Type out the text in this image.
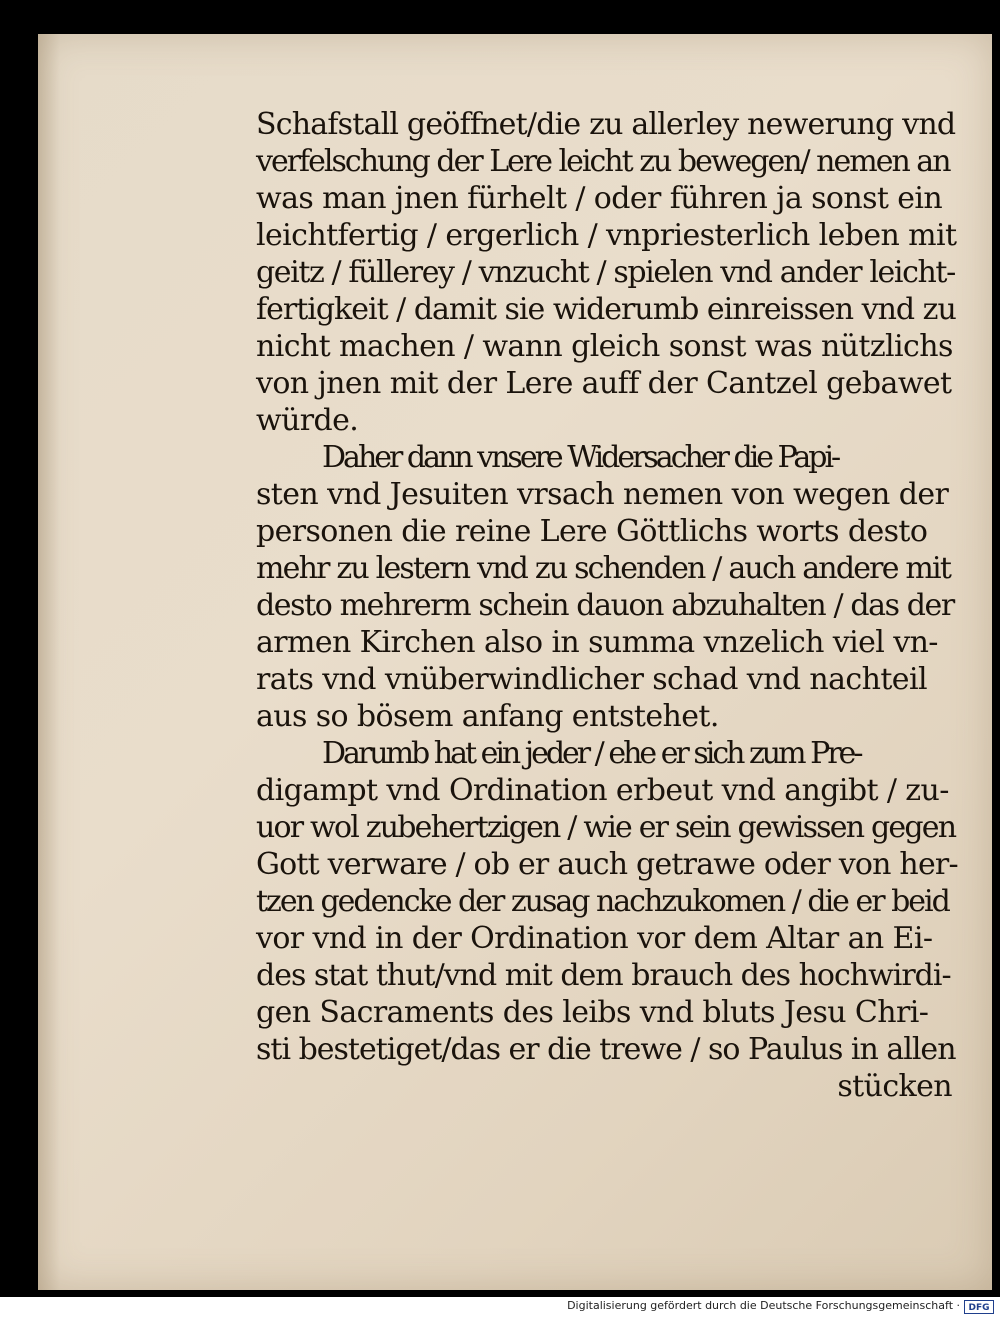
Schafstall geöffnet/die zu allerley newerung vnd
verfelschung der Lere leicht zu bewegen/ nemen an
was man jnen fürhelt / oder führen ja sonst ein
leichtfertig / ergerlich / vnpriesterlich leben mit
geitz / füllerey / vnzucht / spielen vnd ander leicht-
fertigkeit / damit sie widerumb einreissen vnd zu
nicht machen / wann gleich sonst was nützlichs
von jnen mit der Lere auff der Cantzel gebawet
würde.
Daher dann vnsere Widersacher die Papi-
sten vnd Jesuiten vrsach nemen von wegen der
personen die reine Lere Göttlichs worts desto
mehr zu lestern vnd zu schenden / auch andere mit
desto mehrerm schein dauon abzuhalten / das der
armen Kirchen also in summa vnzelich viel vn-
rats vnd vnüberwindlicher schad vnd nachteil
aus so bösem anfang entstehet.
Darumb hat ein jeder / ehe er sich zum Pre-
digampt vnd Ordination erbeut vnd angibt / zu-
uor wol zubehertzigen / wie er sein gewissen gegen
Gott verware / ob er auch getrawe oder von her-
tzen gedencke der zusag nachzukomen / die er beid
vor vnd in der Ordination vor dem Altar an Ei-
des stat thut/vnd mit dem brauch des hochwirdi-
gen Sacraments des leibs vnd bluts Jesu Chri-
sti bestetiget/das er die trewe / so Paulus in allen
stücken
Digitalisierung gefördert durch die Deutsche Forschungsgemeinschaft · DFG
